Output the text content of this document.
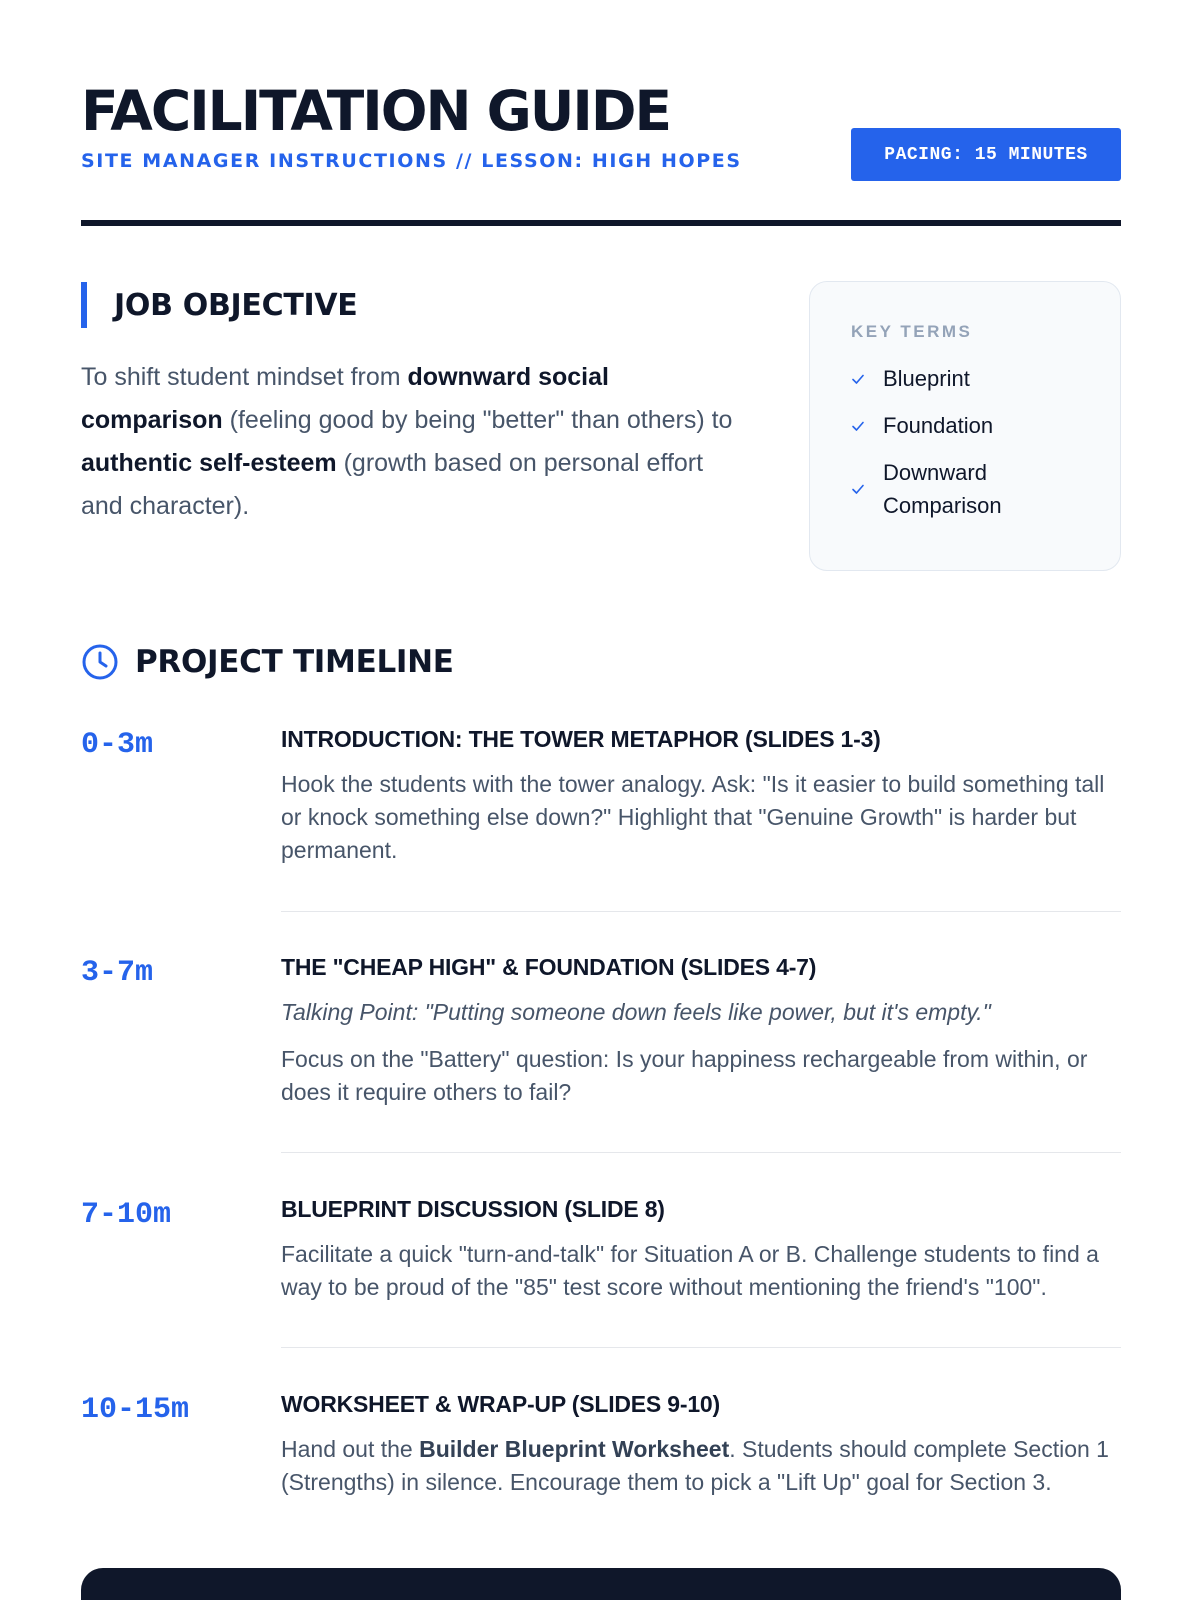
FACILITATION GUIDE
SITE MANAGER INSTRUCTIONS // LESSON: HIGH HOPES	PACING: 15 MINUTES
JOB OBJECTIVE

To shift student mindset from downward social comparison (feeling good by being "better" than others) to authentic self-esteem (growth based on personal effort and character).

KEY TERMS
Blueprint
Foundation
Downward Comparison
PROJECT TIMELINE
0-3m	INTRODUCTION: THE TOWER METAPHOR (SLIDES 1-3)

Hook the students with the tower analogy. Ask: "Is it easier to build something tall or knock something else down?" Highlight that "Genuine Growth" is harder but permanent.

3-7m	THE "CHEAP HIGH" & FOUNDATION (SLIDES 4-7)

Talking Point: "Putting someone down feels like power, but it's empty."

Focus on the "Battery" question: Is your happiness rechargeable from within, or does it require others to fail?

7-10m	BLUEPRINT DISCUSSION (SLIDE 8)

Facilitate a quick "turn-and-talk" for Situation A or B. Challenge students to find a way to be proud of the "85" test score without mentioning the friend's "100".

10-15m	WORKSHEET & WRAP-UP (SLIDES 9-10)

Hand out the Builder Blueprint Worksheet. Students should complete Section 1 (Strengths) in silence. Encourage them to pick a "Lift Up" goal for Section 3.
